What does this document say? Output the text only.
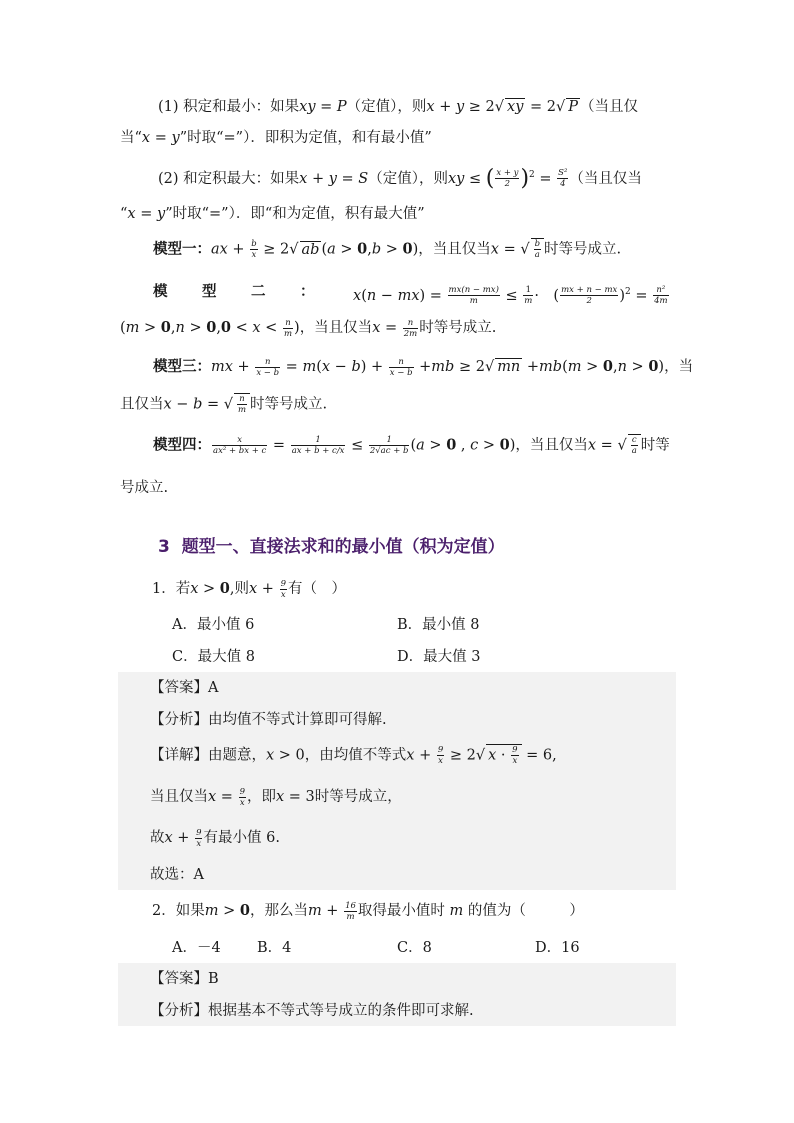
(1) 积定和最小：如果xy = P（定值），则x + y ≥ 2√ xy = 2√ P （当且仅
当“x = y”时取“=”）．即积为定值，和有最小值”
(2) 和定积最大：如果x + y = S（定值），则xy ≤ ( $\frac{x + y}{2} )^2 = \frac{\text{S²}}{4}$ （当且仅当
“x = y”时取“=”）．即“和为定值，积有最大值”
模型一：ax + $\frac{b}{x} \ge 2√$ ab (a > 0,b > 0)，当且仅当x = √ $\frac{b}{a}$ 时等号成立.
模 型 二 ：	$x(n - mx) = \frac{mx(n - mx)}{m} \le \frac{1}{m}$ ·　( $\frac{mx + n - mx}{2} )^2 = \frac{\text{n²}}{4m}$
($m > 0,n > 0,0 < x < \frac{n}{m}$ )，当且仅当$x = \frac{n}{2m}$ 时等号成立.
模型三：mx + $\frac{n}{x - b} = m(x - b) + \frac{n}{x - b} +mb \ge 2√$ mn +mb(m > 0,n > 0)，当
且仅当x − b = √ $\frac{n}{m}$ 时等号成立.
模型四： $\frac{x}{\text{ax² + bx + c}} = \frac{1}{ax + b + c/x} \le \frac{1}{2√ac + b} (a > 0$ , c > 0)，当且仅当x = √ $\frac{c}{a}$ 时等
号成立.
3 题型一、直接法求和的最小值（积为定值）
1．若x > 0,则$x + \frac{9}{x}$ 有（　）
A．最小值 6	B．最小值 8
C．最大值 8	D．最大值 3
【答案】A
【分析】由均值不等式计算即可得解.
【详解】由题意，x > 0，由均值不等式$x + \frac{9}{x} \ge 2√$ $x \cdot \frac{9}{x} = 6$,
当且仅当$x = \frac{9}{x}$ ，即x = 3时等号成立，
故$x + \frac{9}{x}$ 有最小值 6.
故选：A
2．如果m > 0，那么当$m + \frac{16}{m}$ 取得最小值时 m 的值为（　　　）
A．－4	B．4	C．8	D．16
【答案】B
【分析】根据基本不等式等号成立的条件即可求解.
